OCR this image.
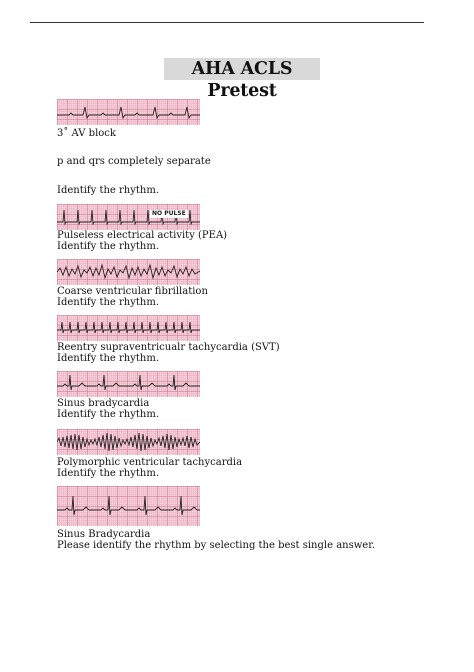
AHA ACLS Pretest
3˚ AV block
p and qrs completely separate
Identify the rhythm.
NO PULSE
Pulseless electrical activity (PEA)
Identify the rhythm.
Coarse ventricular fibrillation
Identify the rhythm.
Reentry supraventricualr tachycardia (SVT)
Identify the rhythm.
Sinus bradycardia
Identify the rhythm.
Polymorphic ventricular tachycardia
Identify the rhythm.
Sinus Bradycardia
Please identify the rhythm by selecting the best single answer.
